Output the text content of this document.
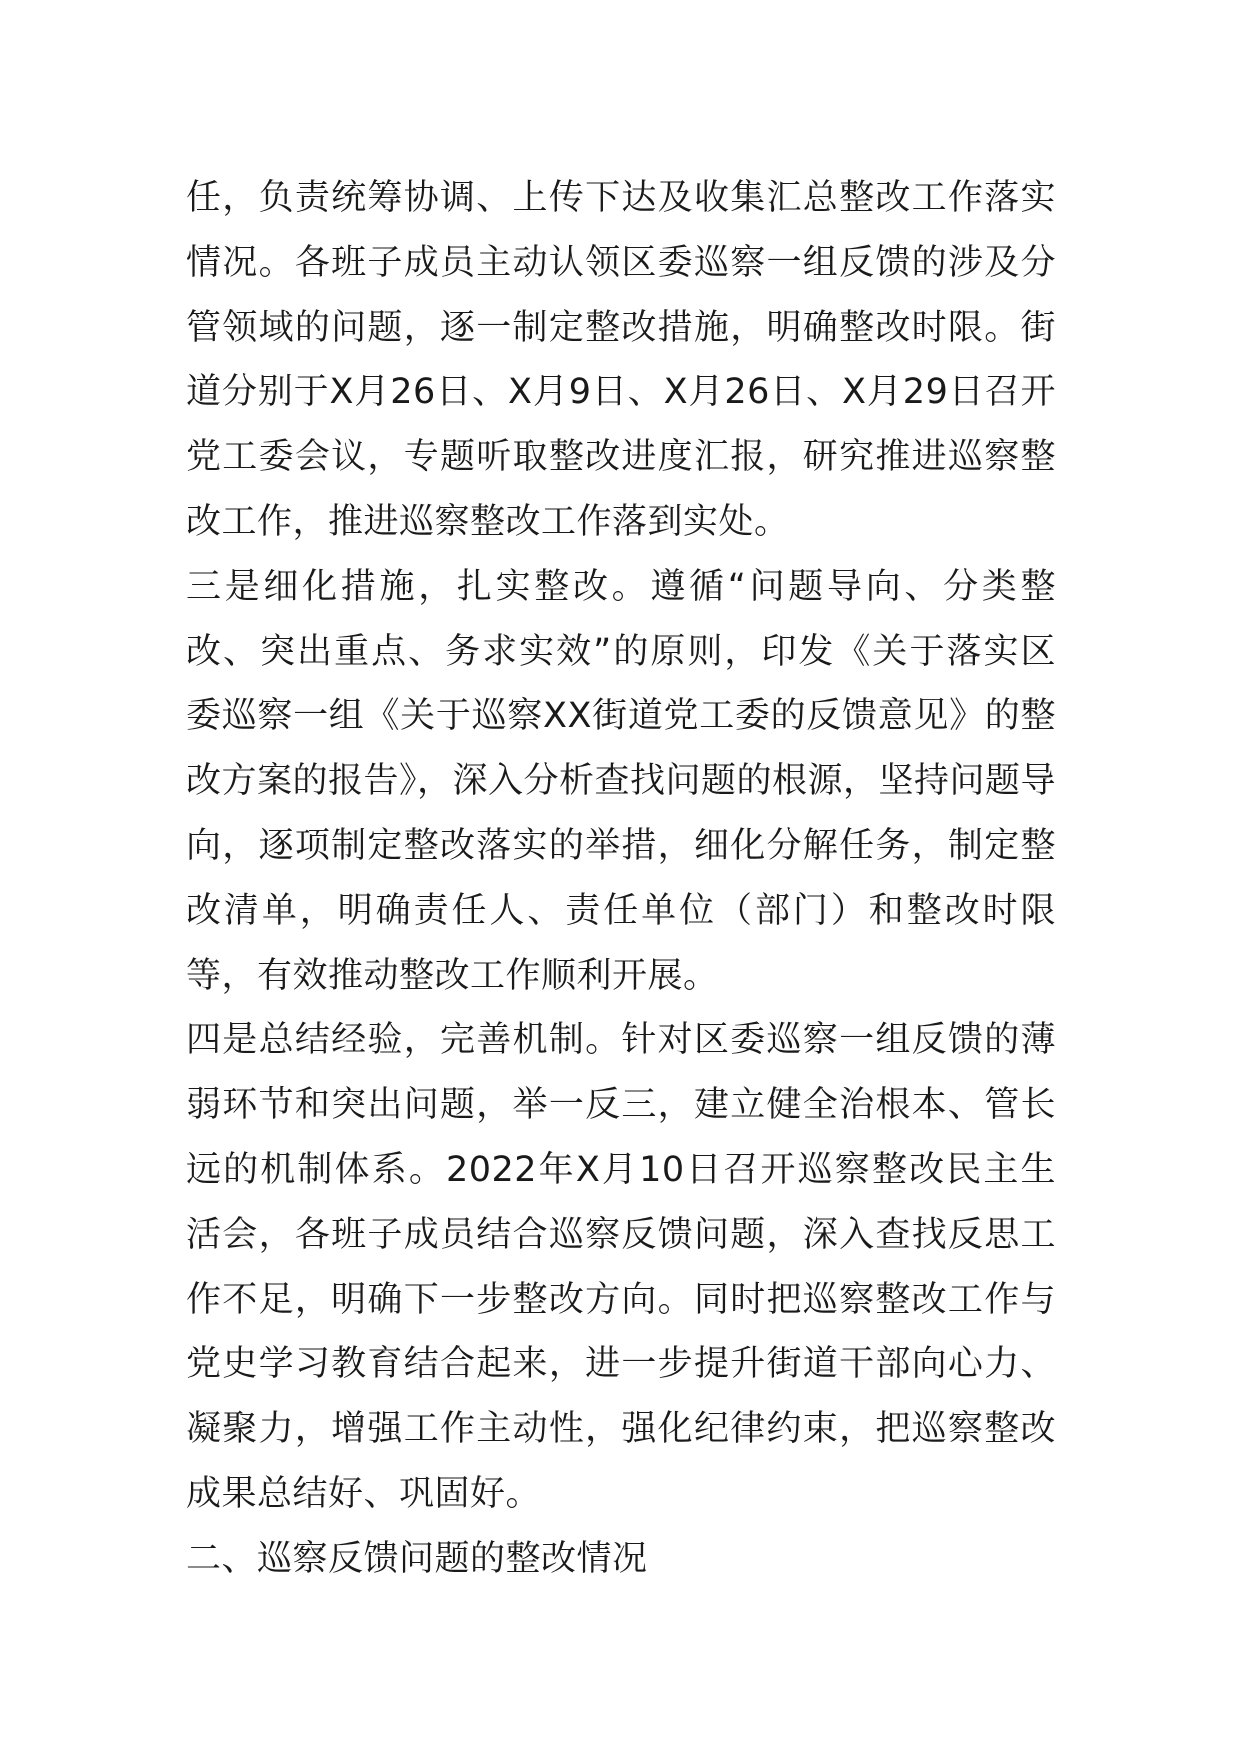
任，负责统筹协调、上传下达及收集汇总整改工作落实情况。各班子成员主动认领区委巡察一组反馈的涉及分管领域的问题，逐一制定整改措施，明确整改时限。街道分别于X月26日、X月9日、X月26日、X月29日召开党工委会议，专题听取整改进度汇报，研究推进巡察整改工作，推进巡察整改工作落到实处。

三是细化措施，扎实整改。遵循“问题导向、分类整改、突出重点、务求实效”的原则，印发《关于落实区委巡察一组《关于巡察XX街道党工委的反馈意见》的整改方案的报告》，深入分析查找问题的根源，坚持问题导向，逐项制定整改落实的举措，细化分解任务，制定整改清单，明确责任人、责任单位（部门）和整改时限等，有效推动整改工作顺利开展。

四是总结经验，完善机制。针对区委巡察一组反馈的薄弱环节和突出问题，举一反三，建立健全治根本、管长远的机制体系。2022年X月10日召开巡察整改民主生活会，各班子成员结合巡察反馈问题，深入查找反思工作不足，明确下一步整改方向。同时把巡察整改工作与党史学习教育结合起来，进一步提升街道干部向心力、凝聚力，增强工作主动性，强化纪律约束，把巡察整改成果总结好、巩固好。

二、巡察反馈问题的整改情况
